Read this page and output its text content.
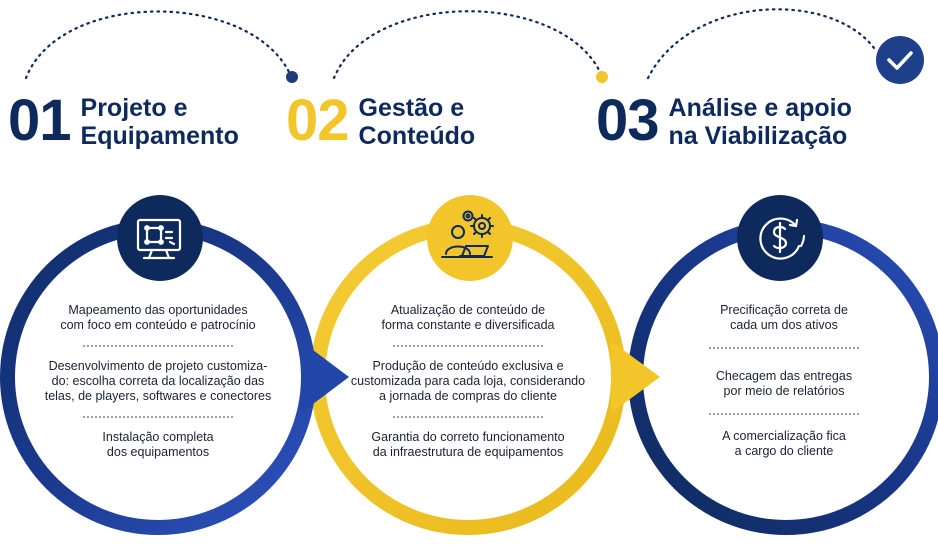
01 Projeto e
Equipamento 02 Gestão e
Conteúdo 03 Análise e apoio
na Viabilização
Mapeamento das oportunidades
com foco em conteúdo e patrocínio
Desenvolvimento de projeto customiza-
do: escolha correta da localização das
telas, de players, softwares e conectores
Instalação completa
dos equipamentos
Atualização de conteúdo de
forma constante e diversificada
Produção de conteúdo exclusiva e
customizada para cada loja, considerando
a jornada de compras do cliente
Garantia do correto funcionamento
da infraestrutura de equipamentos
Precificação correta de
cada um dos ativos
Checagem das entregas
por meio de relatórios
A comercialização fica
a cargo do cliente
